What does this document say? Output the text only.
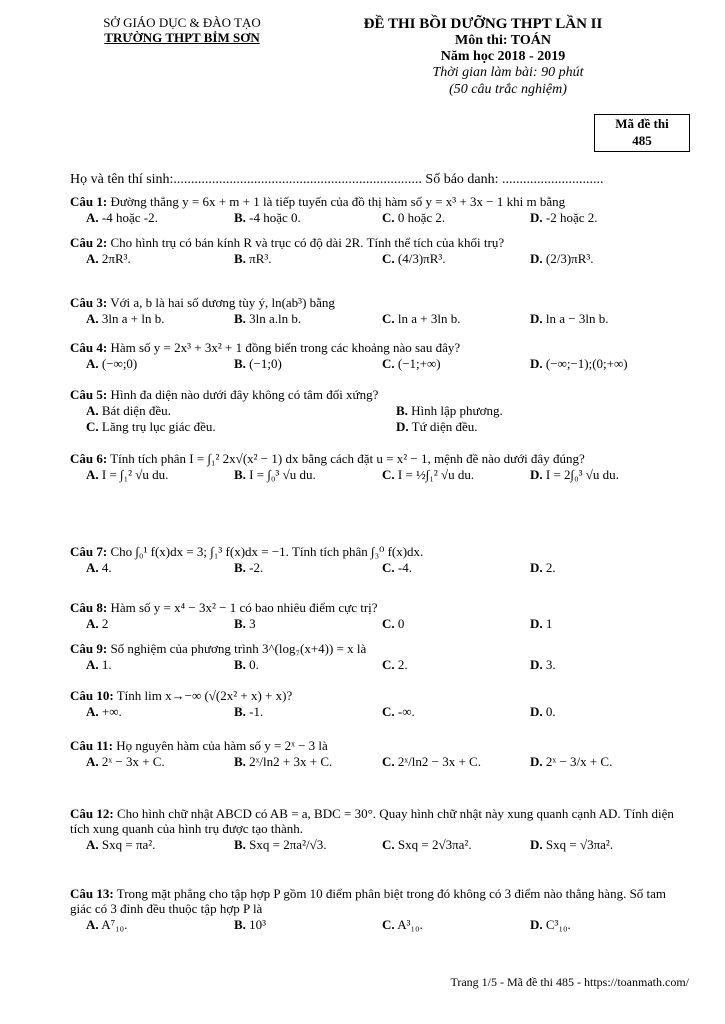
SỞ GIÁO DỤC & ĐÀO TẠO
TRƯỜNG THPT BỈM SƠN
ĐỀ THI BỒI DƯỠNG THPT LẦN II
Môn thi: TOÁN
Năm học 2018 - 2019
Thời gian làm bài: 90 phút
(50 câu trắc nghiệm)
Mã đề thi
485
Họ và tên thí sinh:....................................................................... Số báo danh: .............................
Câu 1: Đường thẳng y = 6x + m + 1 là tiếp tuyến của đồ thị hàm số y = x³ + 3x − 1 khi m bằng
A. -4 hoặc -2.	B. -4 hoặc 0.	C. 0 hoặc 2.	D. -2 hoặc 2.
Câu 2: Cho hình trụ có bán kính R và trục có độ dài 2R. Tính thể tích của khối trụ?
A. 2πR³.	B. πR³.	C. (4/3)πR³.	D. (2/3)πR³.
Câu 3: Với a, b là hai số dương tùy ý, ln(ab³) bằng
A. 3ln a + ln b.	B. 3ln a.ln b.	C. ln a + 3ln b.	D. ln a − 3ln b.
Câu 4: Hàm số y = 2x³ + 3x² + 1 đồng biến trong các khoảng nào sau đây?
A. (−∞;0)	B. (−1;0)	C. (−1;+∞)	D. (−∞;−1);(0;+∞)
Câu 5: Hình đa diện nào dưới đây không có tâm đối xứng?
A. Bát diện đều.	B. Hình lập phương.
C. Lăng trụ lục giác đều.	D. Tứ diện đều.
Câu 6: Tính tích phân I = ∫₁² 2x√(x² − 1) dx bằng cách đặt u = x² − 1, mệnh đề nào dưới đây đúng?
A. I = ∫₁² √u du.	B. I = ∫₀³ √u du.	C. I = ½∫₁² √u du.	D. I = 2∫₀³ √u du.
Câu 7: Cho ∫₀¹ f(x)dx = 3; ∫₁³ f(x)dx = −1. Tính tích phân ∫₃⁰ f(x)dx.
A. 4.	B. -2.	C. -4.	D. 2.
Câu 8: Hàm số y = x⁴ − 3x² − 1 có bao nhiêu điểm cực trị?
A. 2	B. 3	C. 0	D. 1
Câu 9: Số nghiệm của phương trình 3^(log₇(x+4)) = x là
A. 1.	B. 0.	C. 2.	D. 3.
Câu 10: Tính lim x→−∞ (√(2x² + x) + x)?
A. +∞.	B. -1.	C. -∞.	D. 0.
Câu 11: Họ nguyên hàm của hàm số y = 2ˣ − 3 là
A. 2ˣ − 3x + C.	B. 2ˣ/ln2 + 3x + C.	C. 2ˣ/ln2 − 3x + C.	D. 2ˣ − 3/x + C.
Câu 12: Cho hình chữ nhật ABCD có AB = a, BDC = 30°. Quay hình chữ nhật này xung quanh cạnh AD. Tính diện tích xung quanh của hình trụ được tạo thành.
A. Sxq = πa².	B. Sxq = 2πa²/√3.	C. Sxq = 2√3πa².	D. Sxq = √3πa².
Câu 13: Trong mặt phẳng cho tập hợp P gồm 10 điểm phân biệt trong đó không có 3 điểm nào thẳng hàng. Số tam giác có 3 đỉnh đều thuộc tập hợp P là
A. A⁷₁₀.	B. 10³	C. A³₁₀.	D. C³₁₀.
Trang 1/5 - Mã đề thi 485 - https://toanmath.com/
